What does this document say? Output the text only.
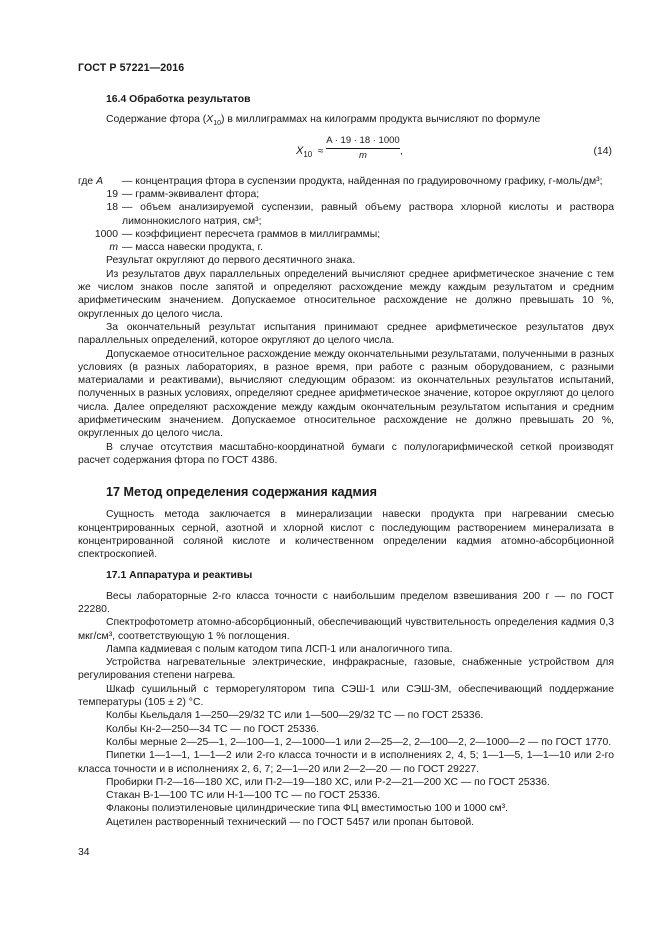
ГОСТ Р 57221—2016
16.4 Обработка результатов

Содержание фтора $(X_{10})$ в миллиграммах на килограмм продукта вычисляют по формуле

$X_{10} \approx \frac{A \cdot 19 \cdot 18 \cdot 1000}{m}$ ,	(14)
где A	— концентрация фтора в суспензии продукта, найденная по градуировочному графику, г-моль/дм³;
19 — грамм-эквивалент фтора;
18 — объем анализируемой суспензии, равный объему раствора хлорной кислоты и раствора лимоннокислого натрия, см³;
1000 — коэффициент пересчета граммов в миллиграммы;
m — масса навески продукта, г.

Результат округляют до первого десятичного знака.

Из результатов двух параллельных определений вычисляют среднее арифметическое значение с тем же числом знаков после запятой и определяют расхождение между каждым результатом и средним арифметическим значением. Допускаемое относительное расхождение не должно превышать 10 %, округленных до целого числа.

За окончательный результат испытания принимают среднее арифметическое результатов двух параллельных определений, которое округляют до целого числа.

Допускаемое относительное расхождение между окончательными результатами, полученными в разных условиях (в разных лабораториях, в разное время, при работе с разным оборудованием, с разными материалами и реактивами), вычисляют следующим образом: из окончательных результатов испытаний, полученных в разных условиях, определяют среднее арифметическое значение, которое округляют до целого числа. Далее определяют расхождение между каждым окончательным результатом испытания и средним арифметическим значением. Допускаемое относительное расхождение не должно превышать 20 %, округленных до целого числа.

В случае отсутствия масштабно-координатной бумаги с полулогарифмической сеткой производят расчет содержания фтора по ГОСТ 4386.

17 Метод определения содержания кадмия

Сущность метода заключается в минерализации навески продукта при нагревании смесью концентрированных серной, азотной и хлорной кислот с последующим растворением минерализата в концентрированной соляной кислоте и количественном определении кадмия атомно-абсорбционной спектроскопией.

17.1 Аппаратура и реактивы

Весы лабораторные 2-го класса точности с наибольшим пределом взвешивания 200 г — по ГОСТ 22280.

Спектрофотометр атомно-абсорбционный, обеспечивающий чувствительность определения кадмия 0,3 мкг/см³, соответствующую 1 % поглощения.

Лампа кадмиевая с полым катодом типа ЛСП-1 или аналогичного типа.

Устройства нагревательные электрические, инфракрасные, газовые, снабженные устройством для регулирования степени нагрева.

Шкаф сушильный с терморегулятором типа СЭШ-1 или СЭШ-3М, обеспечивающий поддержание температуры (105 ± 2) °С.

Колбы Кьельдаля 1—250—29/32 ТС или 1—500—29/32 ТС — по ГОСТ 25336.

Колбы Кн-2—250—34 ТС — по ГОСТ 25336.

Колбы мерные 2—25—1, 2—100—1, 2—1000—1 или 2—25—2, 2—100—2, 2—1000—2 — по ГОСТ 1770.

Пипетки 1—1—1, 1—1—2 или 2-го класса точности и в исполнениях 2, 4, 5; 1—1—5, 1—1—10 или 2-го класса точности и в исполнениях 2, 6, 7; 2—1—20 или 2—2—20 — по ГОСТ 29227.

Пробирки П-2—16—180 ХС, или П-2—19—180 ХС, или Р-2—21—200 ХС — по ГОСТ 25336.

Стакан В-1—100 ТС или Н-1—100 ТС — по ГОСТ 25336.

Флаконы полиэтиленовые цилиндрические типа ФЦ вместимостью 100 и 1000 см³.

Ацетилен растворенный технический — по ГОСТ 5457 или пропан бытовой.

34
